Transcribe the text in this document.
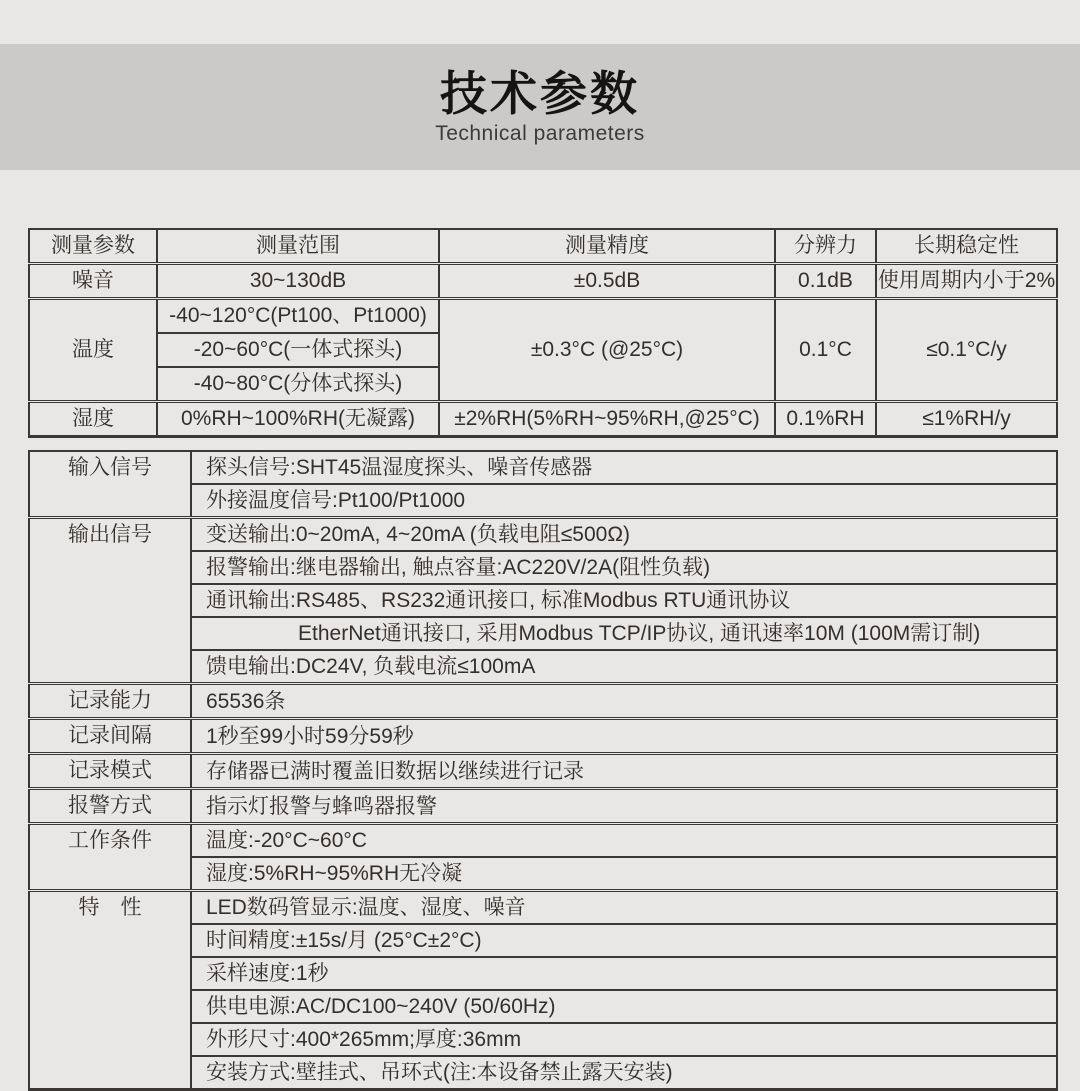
技术参数
Technical parameters
测量参数	测量范围	测量精度	分辨力	长期稳定性
噪音	30~130dB	±0.5dB	0.1dB	使用周期内小于2%
温度	-40~120°C(Pt100、Pt1000)	±0.3°C (@25°C)	0.1°C	≤0.1°C/y
	-20~60°C(一体式探头)			
	-40~80°C(分体式探头)			
湿度	0%RH~100%RH(无凝露)	±2%RH(5%RH~95%RH,@25°C)	0.1%RH	≤1%RH/y
输入信号	探头信号:SHT45温湿度探头、噪音传感器
	外接温度信号:Pt100/Pt1000
输出信号	变送输出:0~20mA, 4~20mA (负载电阻≤500Ω)
	报警输出:继电器输出, 触点容量:AC220V/2A(阻性负载)
	通讯输出:RS485、RS232通讯接口, 标准Modbus RTU通讯协议
	EtherNet通讯接口, 采用Modbus TCP/IP协议, 通讯速率10M (100M需订制)
	馈电输出:DC24V, 负载电流≤100mA
记录能力	65536条
记录间隔	1秒至99小时59分59秒
记录模式	存储器已满时覆盖旧数据以继续进行记录
报警方式	指示灯报警与蜂鸣器报警
工作条件	温度:-20°C~60°C
	湿度:5%RH~95%RH无冷凝
特　性	LED数码管显示:温度、湿度、噪音
	时间精度:±15s/月 (25°C±2°C)
	采样速度:1秒
	供电电源:AC/DC100~240V (50/60Hz)
	外形尺寸:400*265mm;厚度:36mm
	安装方式:壁挂式、吊环式(注:本设备禁止露天安装)
